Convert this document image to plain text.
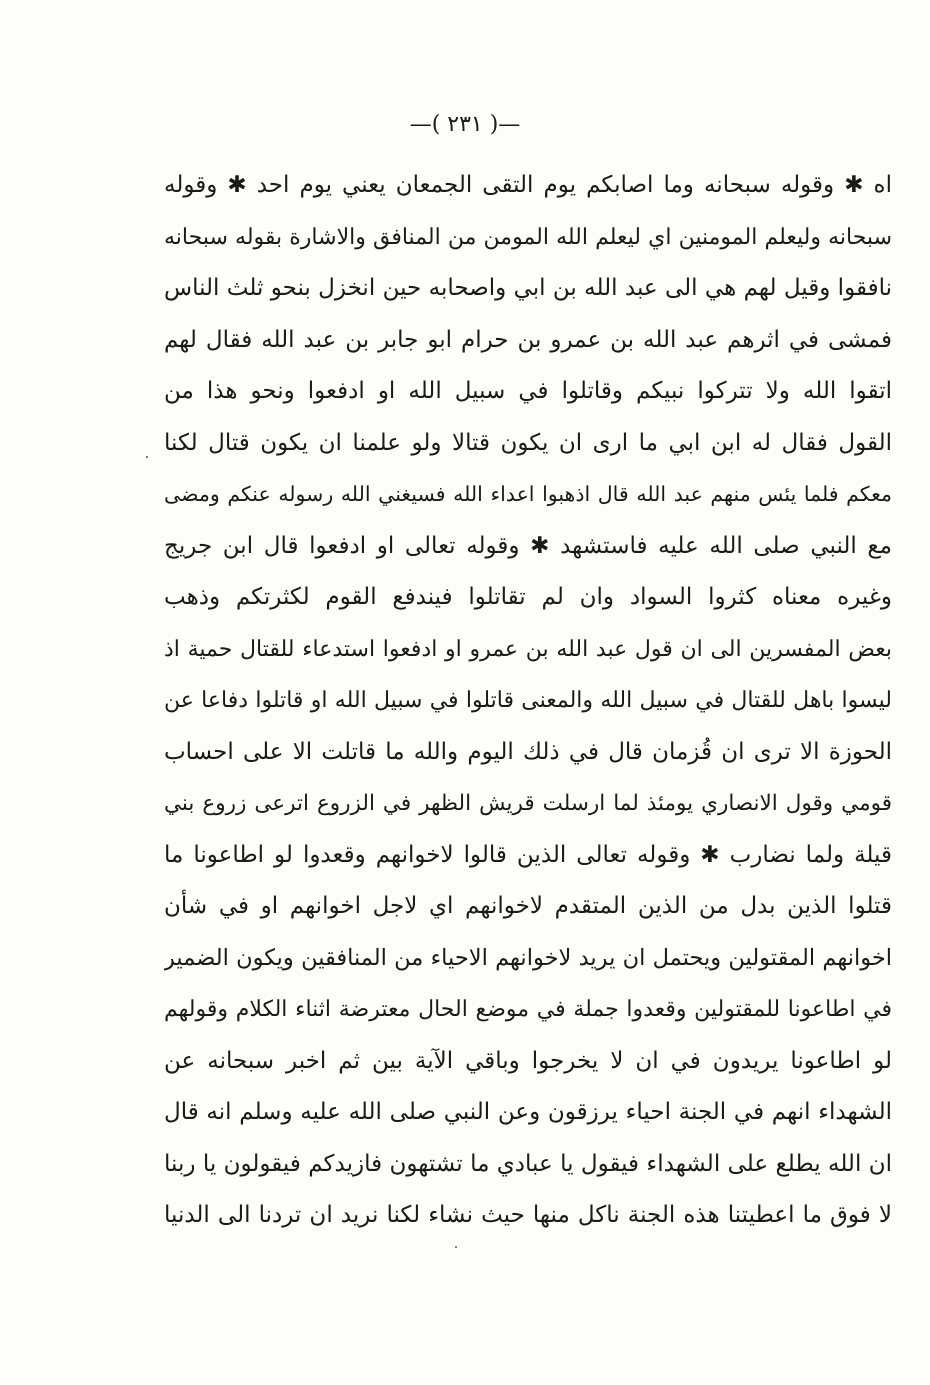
—( ٢٣١ )—
اه ✱ وقوله سبحانه وما اصابكم يوم التقى الجمعان يعني يوم احد ✱ وقوله
سبحانه وليعلم المومنين اي ليعلم الله المومن من المنافق والاشارة بقوله سبحانه
نافقوا وقيل لهم هي الى عبد الله بن ابي واصحابه حين انخزل بنحو ثلث الناس
فمشى في اثرهم عبد الله بن عمرو بن حرام ابو جابر بن عبد الله فقال لهم
اتقوا الله ولا تتركوا نبيكم وقاتلوا في سبيل الله او ادفعوا ونحو هذا من
القول فقال له ابن ابي ما ارى ان يكون قتالا ولو علمنا ان يكون قتال لكنا
معكم فلما يئس منهم عبد الله قال اذهبوا اعداء الله فسيغني الله رسوله عنكم ومضى
مع النبي صلى الله عليه فاستشهد ✱ وقوله تعالى او ادفعوا قال ابن جريج
وغيره معناه كثروا السواد وان لم تقاتلوا فيندفع القوم لكثرتكم وذهب
بعض المفسرين الى ان قول عبد الله بن عمرو او ادفعوا استدعاء للقتال حمية اذ
ليسوا باهل للقتال في سبيل الله والمعنى قاتلوا في سبيل الله او قاتلوا دفاعا عن
الحوزة الا ترى ان قُزمان قال في ذلك اليوم والله ما قاتلت الا على احساب
قومي وقول الانصاري يومئذ لما ارسلت قريش الظهر في الزروع اترعى زروع بني
قيلة ولما نضارب ✱ وقوله تعالى الذين قالوا لاخوانهم وقعدوا لو اطاعونا ما
قتلوا الذين بدل من الذين المتقدم لاخوانهم اي لاجل اخوانهم او في شأن
اخوانهم المقتولين ويحتمل ان يريد لاخوانهم الاحياء من المنافقين ويكون الضمير
في اطاعونا للمقتولين وقعدوا جملة في موضع الحال معترضة اثناء الكلام وقولهم
لو اطاعونا يريدون في ان لا يخرجوا وباقي الآية بين ثم اخبر سبحانه عن
الشهداء انهم في الجنة احياء يرزقون وعن النبي صلى الله عليه وسلم انه قال
ان الله يطلع على الشهداء فيقول يا عبادي ما تشتهون فازيدكم فيقولون يا ربنا
لا فوق ما اعطيتنا هذه الجنة ناكل منها حيث نشاء لكنا نريد ان تردنا الى الدنيا
